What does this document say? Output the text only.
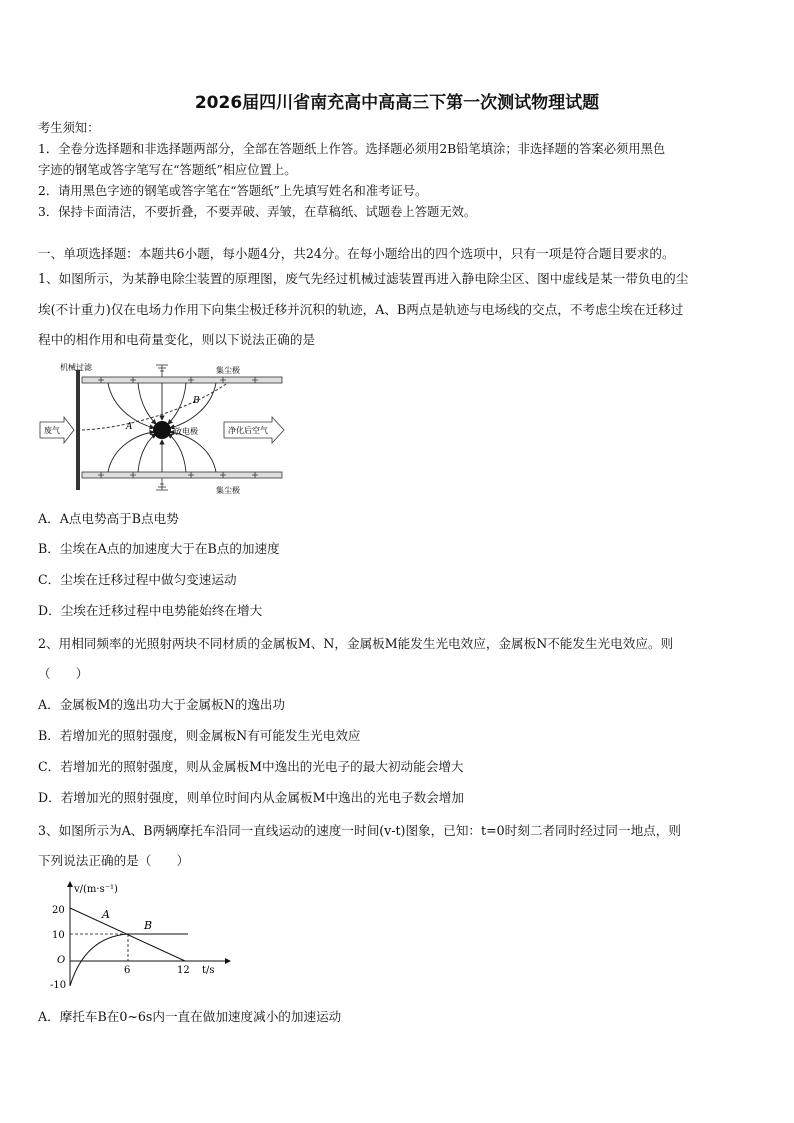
2026届四川省南充高中高高三下第一次测试物理试题
考生须知：
1．全卷分选择题和非选择题两部分，全部在答题纸上作答。选择题必须用2B铅笔填涂；非选择题的答案必须用黑色
字迹的钢笔或答字笔写在“答题纸”相应位置上。
2．请用黑色字迹的钢笔或答字笔在“答题纸”上先填写姓名和准考证号。
3．保持卡面清洁，不要折叠，不要弄破、弄皱，在草稿纸、试题卷上答题无效。
一、单项选择题：本题共6小题，每小题4分，共24分。在每小题给出的四个选项中，只有一项是符合题目要求的。
1、如图所示，为某静电除尘装置的原理图，废气先经过机械过滤装置再进入静电除尘区、图中虚线是某一带负电的尘
埃(不计重力)仅在电场力作用下向集尘极迁移并沉积的轨迹，A、B两点是轨迹与电场线的交点，不考虑尘埃在迁移过
程中的相作用和电荷量变化，则以下说法正确的是
机械过滤	集尘极
集尘极
放电极
A
B
废气	净化后空气
A．A点电势高于B点电势
B．尘埃在A点的加速度大于在B点的加速度
C．尘埃在迁移过程中做匀变速运动
D．尘埃在迁移过程中电势能始终在增大
2、用相同频率的光照射两块不同材质的金属板M、N，金属板M能发生光电效应，金属板N不能发生光电效应。则
（　　）
A．金属板M的逸出功大于金属板N的逸出功
B．若增加光的照射强度，则金属板N有可能发生光电效应
C．若增加光的照射强度，则从金属板M中逸出的光电子的最大初动能会增大
D．若增加光的照射强度，则单位时间内从金属板M中逸出的光电子数会增加
3、如图所示为A、B两辆摩托车沿同一直线运动的速度一时间(v-t)图象，已知：t=0时刻二者同时经过同一地点，则
下列说法正确的是（　　）
v/(m·s⁻¹)
t/s
O
20
10
-10
6	12
A
B
A．摩托车B在0~6s内一直在做加速度减小的加速运动
